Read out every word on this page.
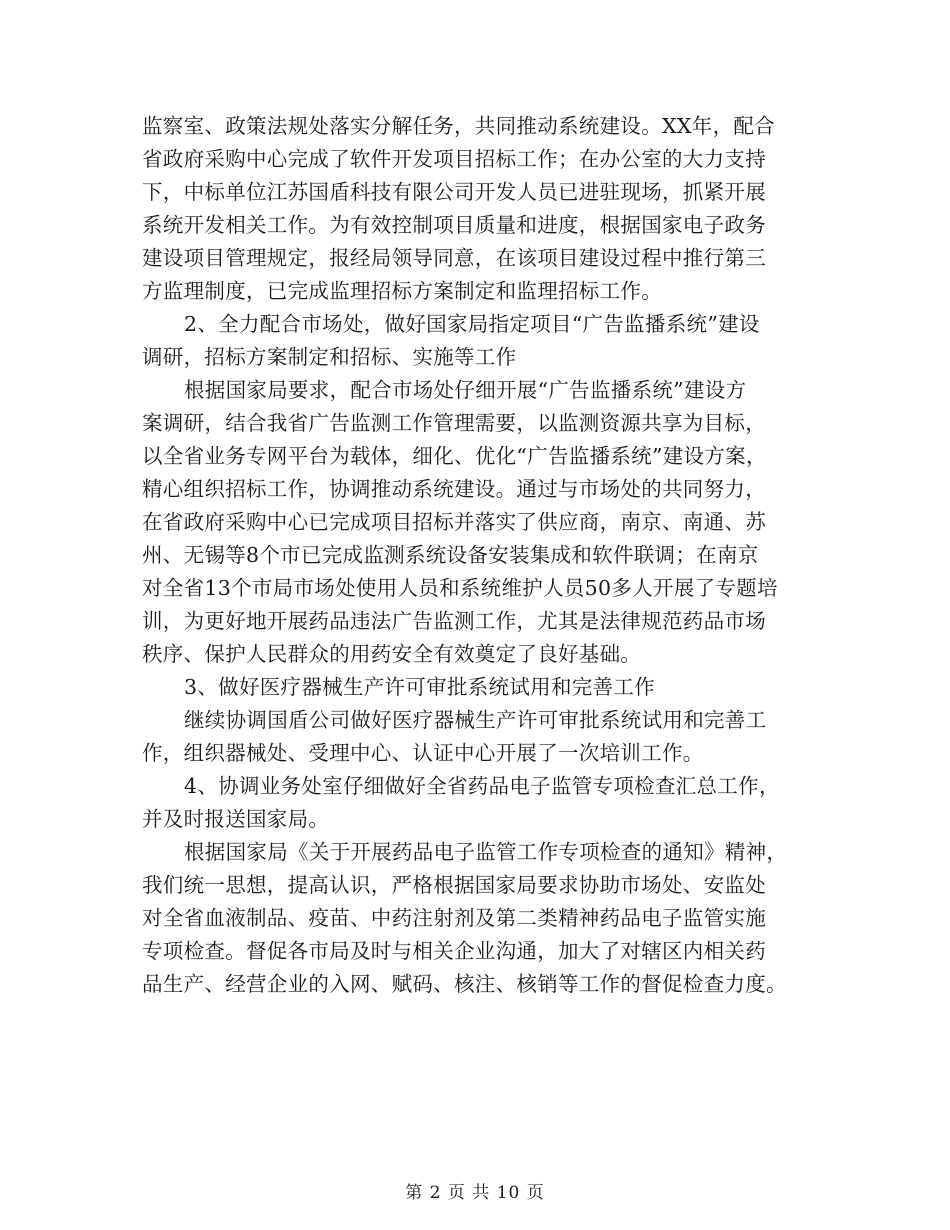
监察室、政策法规处落实分解任务，共同推动系统建设。XX年，配合
省政府采购中心完成了软件开发项目招标工作；在办公室的大力支持
下，中标单位江苏国盾科技有限公司开发人员已进驻现场，抓紧开展
系统开发相关工作。为有效控制项目质量和进度，根据国家电子政务
建设项目管理规定，报经局领导同意，在该项目建设过程中推行第三
方监理制度，已完成监理招标方案制定和监理招标工作。
2、全力配合市场处，做好国家局指定项目“广告监播系统”建设
调研，招标方案制定和招标、实施等工作
根据国家局要求，配合市场处仔细开展“广告监播系统”建设方
案调研，结合我省广告监测工作管理需要，以监测资源共享为目标，
以全省业务专网平台为载体，细化、优化“广告监播系统”建设方案，
精心组织招标工作，协调推动系统建设。通过与市场处的共同努力，
在省政府采购中心已完成项目招标并落实了供应商，南京、南通、苏
州、无锡等8个市已完成监测系统设备安装集成和软件联调；在南京
对全省13个市局市场处使用人员和系统维护人员50多人开展了专题培
训，为更好地开展药品违法广告监测工作，尤其是法律规范药品市场
秩序、保护人民群众的用药安全有效奠定了良好基础。
3、做好医疗器械生产许可审批系统试用和完善工作
继续协调国盾公司做好医疗器械生产许可审批系统试用和完善工
作，组织器械处、受理中心、认证中心开展了一次培训工作。
4、协调业务处室仔细做好全省药品电子监管专项检查汇总工作，
并及时报送国家局。
根据国家局《关于开展药品电子监管工作专项检查的通知》精神，
我们统一思想，提高认识，严格根据国家局要求协助市场处、安监处
对全省血液制品、疫苗、中药注射剂及第二类精神药品电子监管实施
专项检查。督促各市局及时与相关企业沟通，加大了对辖区内相关药
品生产、经营企业的入网、赋码、核注、核销等工作的督促检查力度。
第 2 页 共 10 页
